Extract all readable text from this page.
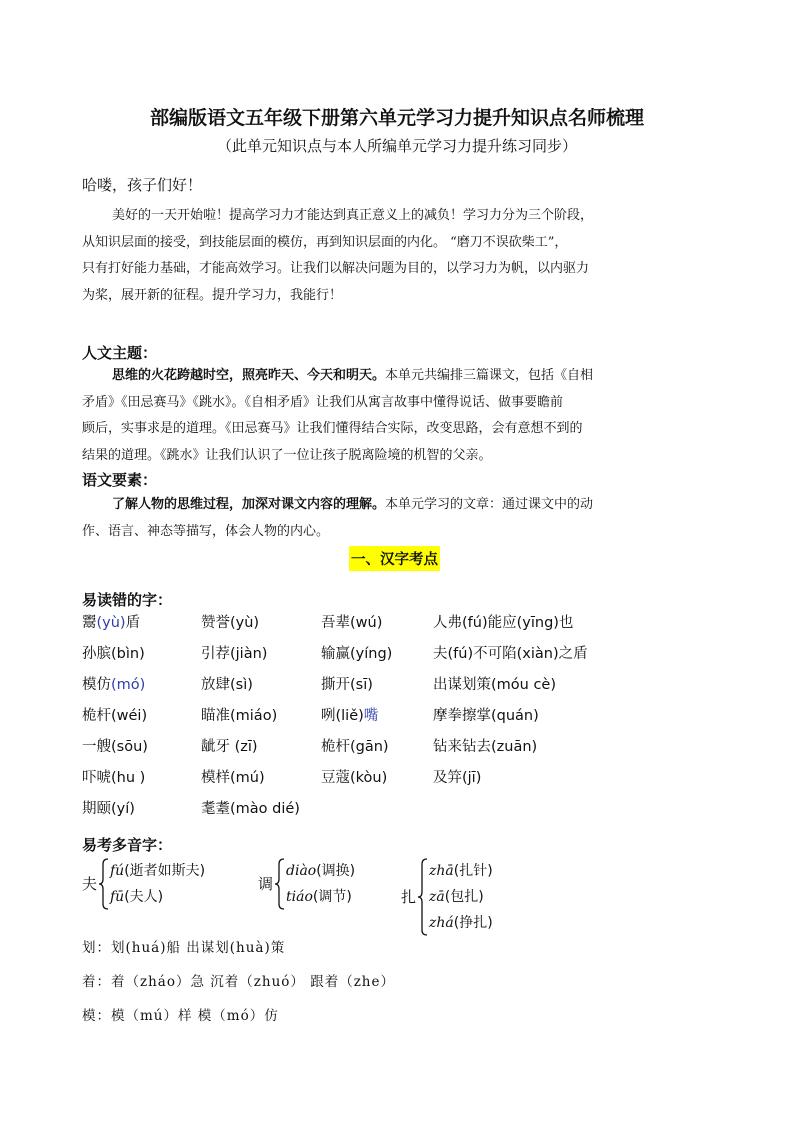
部编版语文五年级下册第六单元学习力提升知识点名师梳理
（此单元知识点与本人所编单元学习力提升练习同步）
哈喽，孩子们好！
美好的一天开始啦！提高学习力才能达到真正意义上的减负！学习力分为三个阶段，
从知识层面的接受，到技能层面的模仿，再到知识层面的内化。 “磨刀不误砍柴工”，
只有打好能力基础，才能高效学习。让我们以解决问题为目的，以学习力为帆，以内驱力
为桨，展开新的征程。提升学习力，我能行！
人文主题：
思维的火花跨越时空，照亮昨天、今天和明天。本单元共编排三篇课文，包括《自相
矛盾》《田忌赛马》《跳水》。《自相矛盾》让我们从寓言故事中懂得说话、做事要瞻前
顾后，实事求是的道理。《田忌赛马》让我们懂得结合实际，改变思路，会有意想不到的
结果的道理。《跳水》让我们认识了一位让孩子脱离险境的机智的父亲。
语文要素：
了解人物的思维过程，加深对课文内容的理解。本单元学习的文章：通过课文中的动
作、语言、神态等描写，体会人物的内心。
一、汉字考点
易读错的字：
鬻(yù)盾	赞誉(yù)	吾辈(wú)	人弗(fú)能应(yīng)也
孙膑(bìn)	引荐(jiàn)	输赢(yíng)	夫(fú)不可陷(xiàn)之盾
模仿(mó)	放肆(sì)	撕开(sī)	出谋划策(móu cè)
桅杆(wéi)	瞄准(miáo)	咧(liě)嘴	摩拳擦掌(quán)
一艘(sōu)	龇牙 (zī)	桅杆(gān)	钻来钻去(zuān)
吓唬(hu )	模样(mú)	豆蔻(kòu)	及笄(jī)
期颐(yí)	耄耋(mào dié)
易考多音字：
夫
fú(逝者如斯夫)
fū(夫人)
调
diào(调换)
tiáo(调节)	扎
zhā(扎针)
zā(包扎)
zhá(挣扎)
划：划(huá)船 出谋划(huà)策
着：着（zháo）急 沉着（zhuó） 跟着（zhe）
模：模（mú）样 模（mó）仿
